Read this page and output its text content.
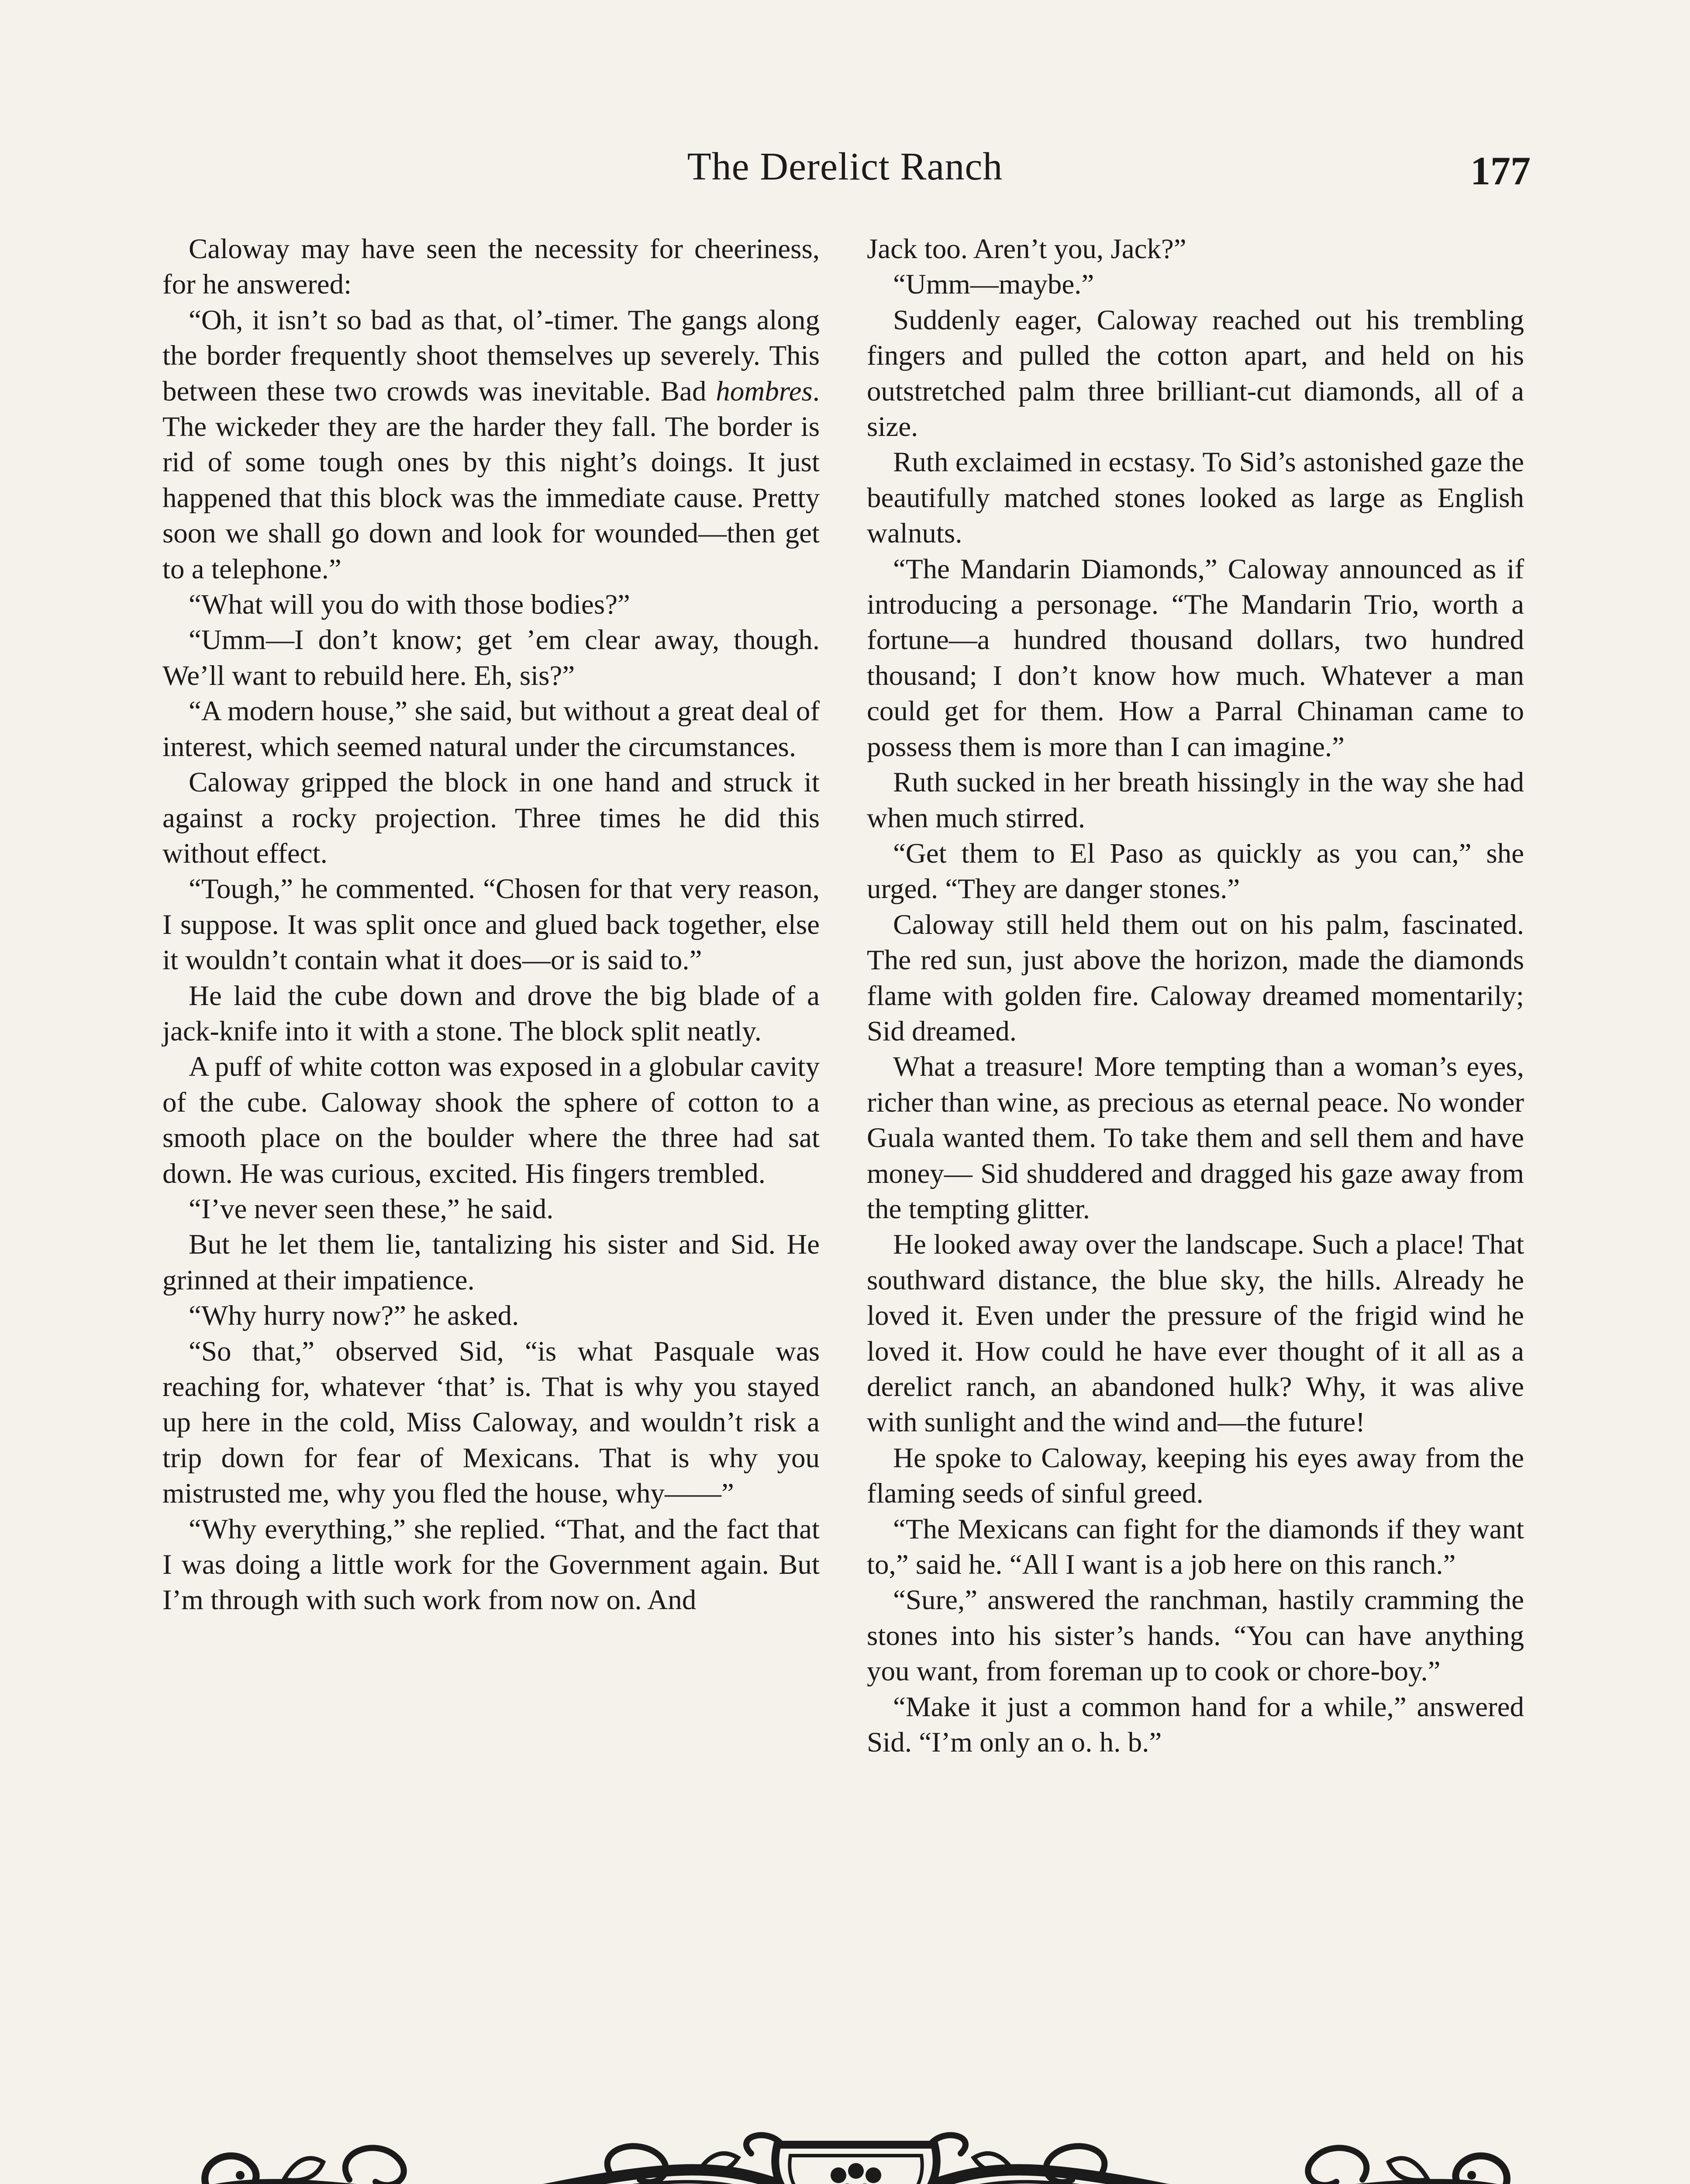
The Derelict Ranch	177

Caloway may have seen the necessity for cheeriness, for he answered:

“Oh, it isn’t so bad as that, ol’-timer. The gangs along the border frequently shoot themselves up severely. This between these two crowds was inevitable. Bad hombres. The wickeder they are the harder they fall. The border is rid of some tough ones by this night’s doings. It just happened that this block was the immediate cause. Pretty soon we shall go down and look for wounded—then get to a telephone.”

“What will you do with those bodies?”

“Umm—I don’t know; get ’em clear away, though. We’ll want to rebuild here. Eh, sis?”

“A modern house,” she said, but without a great deal of interest, which seemed natural under the circumstances.

Caloway gripped the block in one hand and struck it against a rocky projection. Three times he did this without effect.

“Tough,” he commented. “Chosen for that very reason, I suppose. It was split once and glued back together, else it wouldn’t contain what it does—or is said to.”

He laid the cube down and drove the big blade of a jack-knife into it with a stone. The block split neatly.

A puff of white cotton was exposed in a globular cavity of the cube. Caloway shook the sphere of cotton to a smooth place on the boulder where the three had sat down. He was curious, excited. His fingers trembled.

“I’ve never seen these,” he said.

But he let them lie, tantalizing his sister and Sid. He grinned at their impatience.

“Why hurry now?” he asked.

“So that,” observed Sid, “is what Pasquale was reaching for, whatever ‘that’ is. That is why you stayed up here in the cold, Miss Caloway, and wouldn’t risk a trip down for fear of Mexicans. That is why you mistrusted me, why you fled the house, why——”

“Why everything,” she replied. “That, and the fact that I was doing a little work for the Government again. But I’m through with such work from now on. And

Jack too. Aren’t you, Jack?”

“Umm—maybe.”

Suddenly eager, Caloway reached out his trembling fingers and pulled the cotton apart, and held on his outstretched palm three brilliant-cut diamonds, all of a size.

Ruth exclaimed in ecstasy. To Sid’s astonished gaze the beautifully matched stones looked as large as English walnuts.

“The Mandarin Diamonds,” Caloway announced as if introducing a personage. “The Mandarin Trio, worth a fortune—a hundred thousand dollars, two hundred thousand; I don’t know how much. Whatever a man could get for them. How a Parral Chinaman came to possess them is more than I can imagine.”

Ruth sucked in her breath hissingly in the way she had when much stirred.

“Get them to El Paso as quickly as you can,” she urged. “They are danger stones.”

Caloway still held them out on his palm, fascinated. The red sun, just above the horizon, made the diamonds flame with golden fire. Caloway dreamed momentarily; Sid dreamed.

What a treasure! More tempting than a woman’s eyes, richer than wine, as precious as eternal peace. No wonder Guala wanted them. To take them and sell them and have money— Sid shuddered and dragged his gaze away from the tempting glitter.

He looked away over the landscape. Such a place! That southward distance, the blue sky, the hills. Already he loved it. Even under the pressure of the frigid wind he loved it. How could he have ever thought of it all as a derelict ranch, an abandoned hulk? Why, it was alive with sunlight and the wind and—the future!

He spoke to Caloway, keeping his eyes away from the flaming seeds of sinful greed.

“The Mexicans can fight for the diamonds if they want to,” said he. “All I want is a job here on this ranch.”

“Sure,” answered the ranchman, hastily cramming the stones into his sister’s hands. “You can have anything you want, from foreman up to cook or chore-boy.”

“Make it just a common hand for a while,” answered Sid. “I’m only an o. h. b.”
